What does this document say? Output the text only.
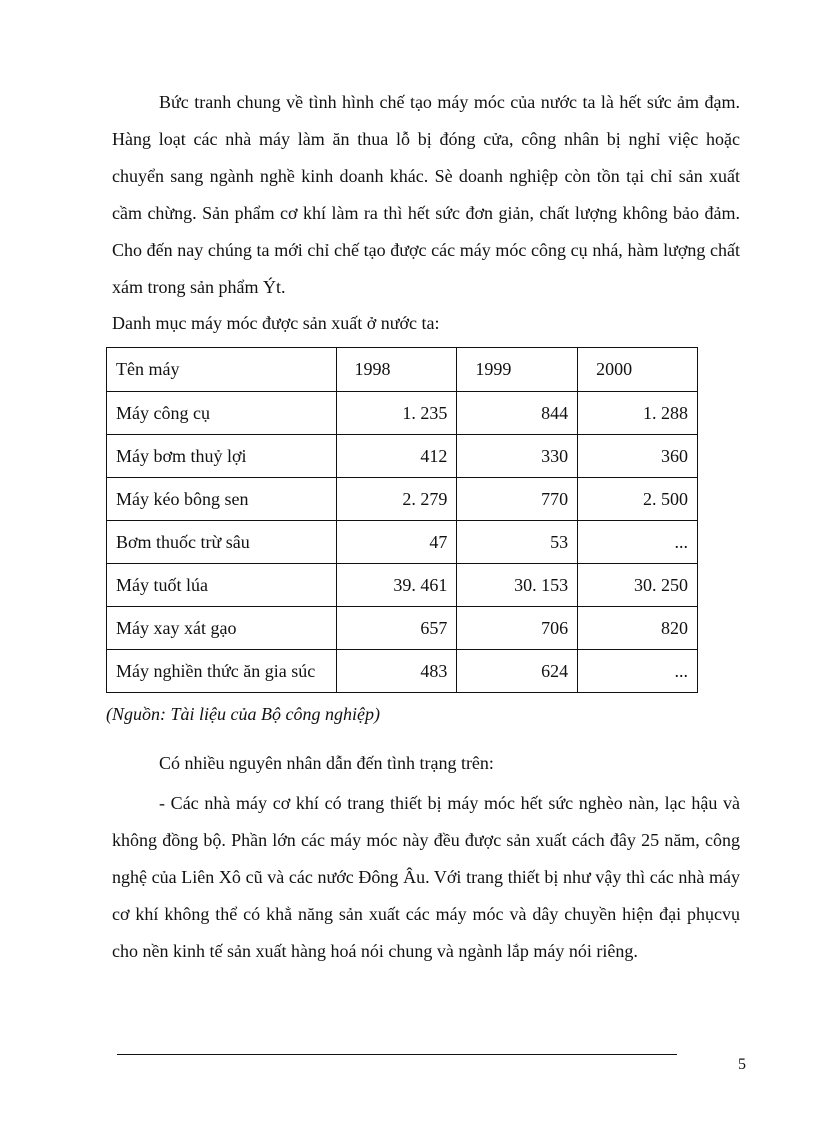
Bức tranh chung về tình hình chế tạo máy móc của nước ta là hết sức ảm đạm. Hàng loạt các nhà máy làm ăn thua lỗ bị đóng cửa, công nhân bị nghỉ việc hoặc chuyển sang ngành nghề kinh doanh khác. Sè doanh nghiệp còn tồn tại chỉ sản xuất cầm chừng. Sản phẩm cơ khí làm ra thì hết sức đơn giản, chất lượng không bảo đảm. Cho đến nay chúng ta mới chỉ chế tạo được các máy móc công cụ nhá, hàm lượng chất xám trong sản phẩm Ýt.

Danh mục máy móc được sản xuất ở nước ta:

Tên máy	1998	1999	2000
Máy công cụ	1. 235	844	1. 288
Máy bơm thuỷ lợi	412	330	360
Máy kéo bông sen	2. 279	770	2. 500
Bơm thuốc trừ sâu	47	53	...
Máy tuốt lúa	39. 461	30. 153	30. 250
Máy xay xát gạo	657	706	820
Máy nghiền thức ăn gia súc	483	624	...

(Nguồn: Tài liệu của Bộ công nghiệp)

Có nhiều nguyên nhân dẫn đến tình trạng trên:

- Các nhà máy cơ khí có trang thiết bị máy móc hết sức nghèo nàn, lạc hậu và không đồng bộ. Phần lớn các máy móc này đều được sản xuất cách đây 25 năm, công nghệ của Liên Xô cũ và các nước Đông Âu. Với trang thiết bị như vậy thì các nhà máy cơ khí không thể có khẳ năng sản xuất các máy móc và dây chuyền hiện đại phụcvụ cho nền kinh tế sản xuất hàng hoá nói chung và ngành lắp máy nói riêng.

5
